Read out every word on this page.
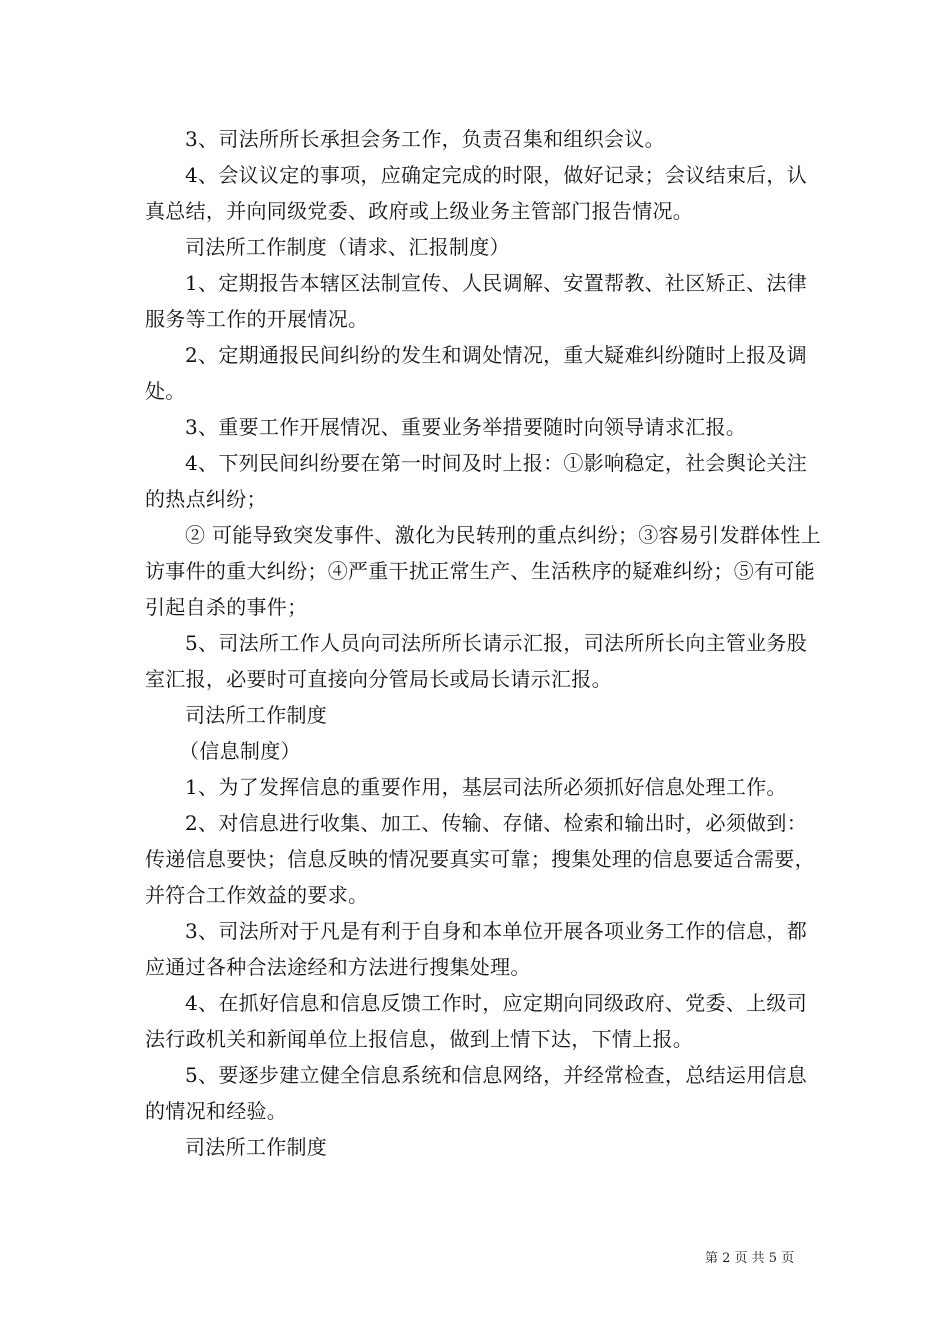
3、司法所所长承担会务工作，负责召集和组织会议。

4、会议议定的事项，应确定完成的时限，做好记录；会议结束后，认真总结，并向同级党委、政府或上级业务主管部门报告情况。

司法所工作制度（请求、汇报制度）

1、定期报告本辖区法制宣传、人民调解、安置帮教、社区矫正、法律服务等工作的开展情况。

2、定期通报民间纠纷的发生和调处情况，重大疑难纠纷随时上报及调处。

3、重要工作开展情况、重要业务举措要随时向领导请求汇报。

4、下列民间纠纷要在第一时间及时上报：①影响稳定，社会舆论关注的热点纠纷；

② 可能导致突发事件、激化为民转刑的重点纠纷；③容易引发群体性上访事件的重大纠纷；④严重干扰正常生产、生活秩序的疑难纠纷；⑤有可能引起自杀的事件；

5、司法所工作人员向司法所所长请示汇报，司法所所长向主管业务股室汇报，必要时可直接向分管局长或局长请示汇报。

司法所工作制度

（信息制度）

1、为了发挥信息的重要作用，基层司法所必须抓好信息处理工作。

2、对信息进行收集、加工、传输、存储、检索和输出时，必须做到：传递信息要快；信息反映的情况要真实可靠；搜集处理的信息要适合需要，并符合工作效益的要求。

3、司法所对于凡是有利于自身和本单位开展各项业务工作的信息，都应通过各种合法途经和方法进行搜集处理。

4、在抓好信息和信息反馈工作时，应定期向同级政府、党委、上级司法行政机关和新闻单位上报信息，做到上情下达，下情上报。

5、要逐步建立健全信息系统和信息网络，并经常检查，总结运用信息的情况和经验。

司法所工作制度

第 2 页 共 5 页
